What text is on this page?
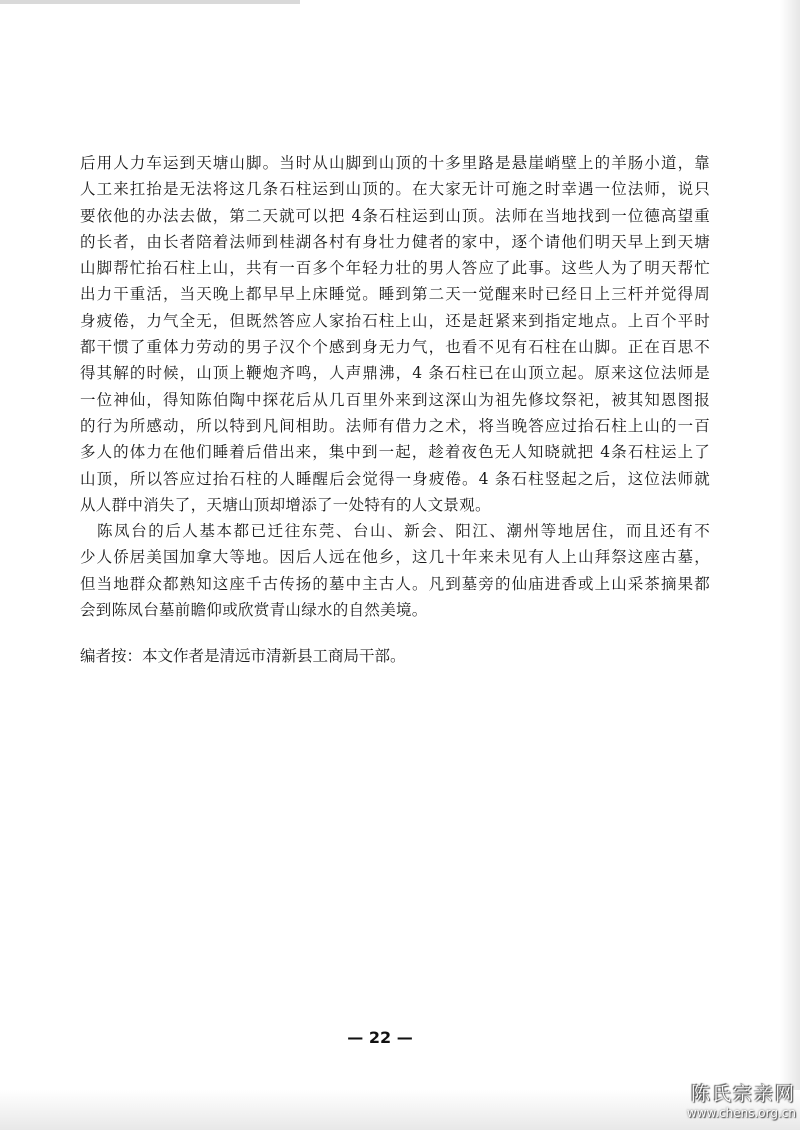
后用人力车运到天塘山脚。当时从山脚到山顶的十多里路是悬崖峭壁上的羊肠小道，靠
人工来扛抬是无法将这几条石柱运到山顶的。在大家无计可施之时幸遇一位法师，说只
要依他的办法去做，第二天就可以把 4条石柱运到山顶。法师在当地找到一位德高望重
的长者，由长者陪着法师到桂湖各村有身壮力健者的家中，逐个请他们明天早上到天塘
山脚帮忙抬石柱上山，共有一百多个年轻力壮的男人答应了此事。这些人为了明天帮忙
出力干重活，当天晚上都早早上床睡觉。睡到第二天一觉醒来时已经日上三杆并觉得周
身疲倦，力气全无，但既然答应人家抬石柱上山，还是赶紧来到指定地点。上百个平时
都干惯了重体力劳动的男子汉个个感到身无力气，也看不见有石柱在山脚。正在百思不
得其解的时候，山顶上鞭炮齐鸣，人声鼎沸，4 条石柱已在山顶立起。原来这位法师是
一位神仙，得知陈伯陶中探花后从几百里外来到这深山为祖先修坟祭祀，被其知恩图报
的行为所感动，所以特到凡间相助。法师有借力之术，将当晚答应过抬石柱上山的一百
多人的体力在他们睡着后借出来，集中到一起，趁着夜色无人知晓就把 4条石柱运上了
山顶，所以答应过抬石柱的人睡醒后会觉得一身疲倦。4 条石柱竖起之后，这位法师就
从人群中消失了，天塘山顶却增添了一处特有的人文景观。
　陈凤台的后人基本都已迁往东莞、台山、新会、阳江、潮州等地居住，而且还有不
少人侨居美国加拿大等地。因后人远在他乡，这几十年来未见有人上山拜祭这座古墓，
但当地群众都熟知这座千古传扬的墓中主古人。凡到墓旁的仙庙进香或上山采茶摘果都
会到陈凤台墓前瞻仰或欣赏青山绿水的自然美境。
编者按：本文作者是清远市清新县工商局干部。
— 22 —
陈氏宗亲网
www.chens.org.cn
